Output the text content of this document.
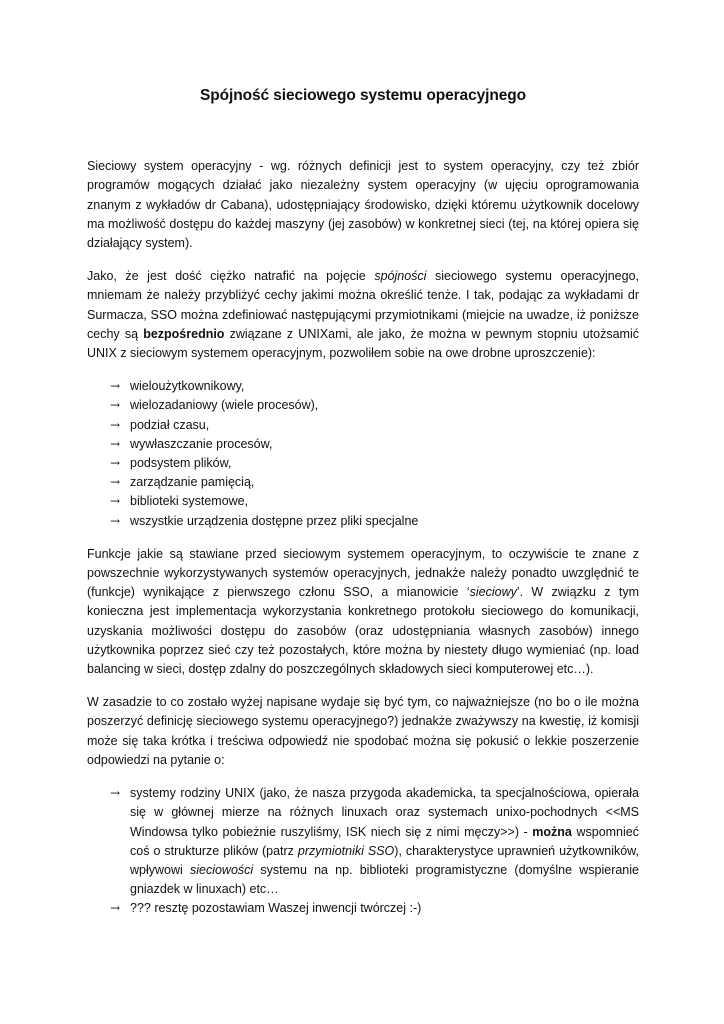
Spójność sieciowego systemu operacyjnego

Sieciowy system operacyjny - wg. różnych definicji jest to system operacyjny, czy też zbiór programów mogących działać jako niezależny system operacyjny (w ujęciu oprogramowania znanym z wykładów dr Cabana), udostępniający środowisko, dzięki któremu użytkownik docelowy ma możliwość dostępu do każdej maszyny (jej zasobów) w konkretnej sieci (tej, na której opiera się działający system).

Jako, że jest dość ciężko natrafić na pojęcie spójności sieciowego systemu operacyjnego, mniemam że należy przybliżyć cechy jakimi można określić tenże. I tak, podając za wykładami dr Surmacza, SSO można zdefiniować następującymi przymiotnikami (miejcie na uwadze, iż poniższe cechy są bezpośrednio związane z UNIXami, ale jako, że można w pewnym stopniu utożsamić UNIX z sieciowym systemem operacyjnym, pozwoliłem sobie na owe drobne uproszczenie):

→ wieloużytkownikowy,
→ wielozadaniowy (wiele procesów),
→ podział czasu,
→ wywłaszczanie procesów,
→ podsystem plików,
→ zarządzanie pamięcią,
→ biblioteki systemowe,
→ wszystkie urządzenia dostępne przez pliki specjalne

Funkcje jakie są stawiane przed sieciowym systemem operacyjnym, to oczywiście te znane z powszechnie wykorzystywanych systemów operacyjnych, jednakże należy ponadto uwzględnić te (funkcje) wynikające z pierwszego członu SSO, a mianowicie ‘sieciowy’. W związku z tym konieczna jest implementacja wykorzystania konkretnego protokołu sieciowego do komunikacji, uzyskania możliwości dostępu do zasobów (oraz udostępniania własnych zasobów) innego użytkownika poprzez sieć czy też pozostałych, które można by niestety długo wymieniać (np. load balancing w sieci, dostęp zdalny do poszczególnych składowych sieci komputerowej etc…).

W zasadzie to co zostało wyżej napisane wydaje się być tym, co najważniejsze (no bo o ile można poszerzyć definicję sieciowego systemu operacyjnego?) jednakże zważywszy na kwestię, iż komisji może się taka krótka i treściwa odpowiedź nie spodobać można się pokusić o lekkie poszerzenie odpowiedzi na pytanie o:

→ systemy rodziny UNIX (jako, że nasza przygoda akademicka, ta specjalnościowa, opierała się w głównej mierze na różnych linuxach oraz systemach unixo-pochodnych <<MS Windowsa tylko pobieżnie ruszyliśmy, ISK niech się z nimi męczy>>) - można wspomnieć coś o strukturze plików (patrz przymiotniki SSO), charakterystyce uprawnień użytkowników, wpływowi sieciowości systemu na np. biblioteki programistyczne (domyślne wspieranie gniazdek w linuxach) etc…
→ ??? resztę pozostawiam Waszej inwencji twórczej :-)
